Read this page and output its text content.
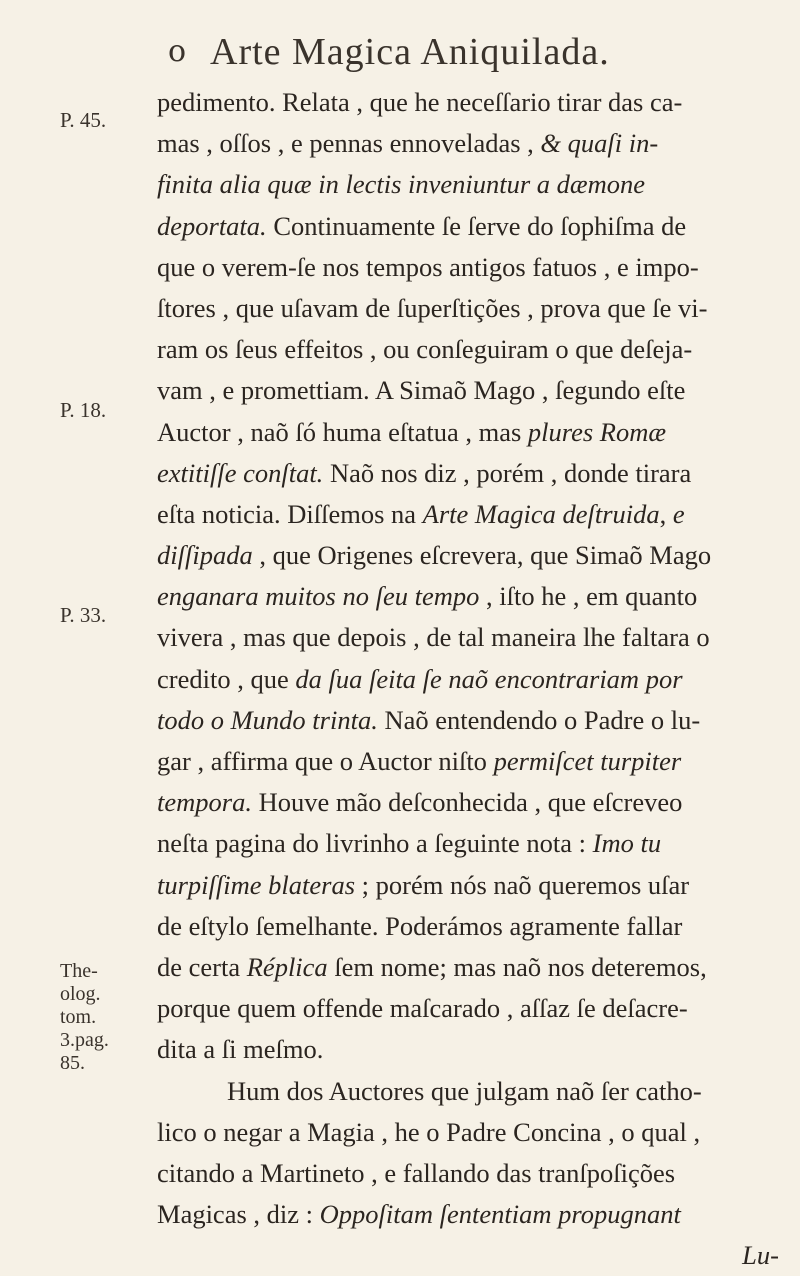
o Arte Magica Aniquilada.
P. 45.
P. 18.
P. 33.
The-
olog.
tom.
3.pag.
85.
pedimento. Relata , que he neceſſario tirar das ca-
mas , oſſos , e pennas ennoveladas , & quaſi in-
finita alia quæ in lectis inveniuntur a dæmone
deportata. Continuamente ſe ſerve do ſophiſma de
que o verem-ſe nos tempos antigos fatuos , e impo-
ſtores , que uſavam de ſuperſtições , prova que ſe vi-
ram os ſeus effeitos , ou conſeguiram o que deſeja-
vam , e promettiam. A Simaõ Mago , ſegundo eſte
Auctor , naõ ſó huma eſtatua , mas plures Romæ
extitiſſe conſtat. Naõ nos diz , porém , donde tirara
eſta noticia. Diſſemos na Arte Magica deſtruida, e
diſſipada , que Origenes eſcrevera, que Simaõ Mago
enganara muitos no ſeu tempo , iſto he , em quanto
vivera , mas que depois , de tal maneira lhe faltara o
credito , que da ſua ſeita ſe naõ encontrariam por
todo o Mundo trinta. Naõ entendendo o Padre o lu-
gar , affirma que o Auctor niſto permiſcet turpiter
tempora. Houve mão deſconhecida , que eſcreveo
neſta pagina do livrinho a ſeguinte nota : Imo tu
turpiſſime blateras ; porém nós naõ queremos uſar
de eſtylo ſemelhante. Poderámos agramente fallar
de certa Réplica ſem nome; mas naõ nos deteremos,
porque quem offende maſcarado , aſſaz ſe deſacre-
dita a ſi meſmo.
Hum dos Auctores que julgam naõ ſer catho-
lico o negar a Magia , he o Padre Concina , o qual ,
citando a Martineto , e fallando das tranſpoſições
Magicas , diz : Oppoſitam ſententiam propugnant
Lu-
